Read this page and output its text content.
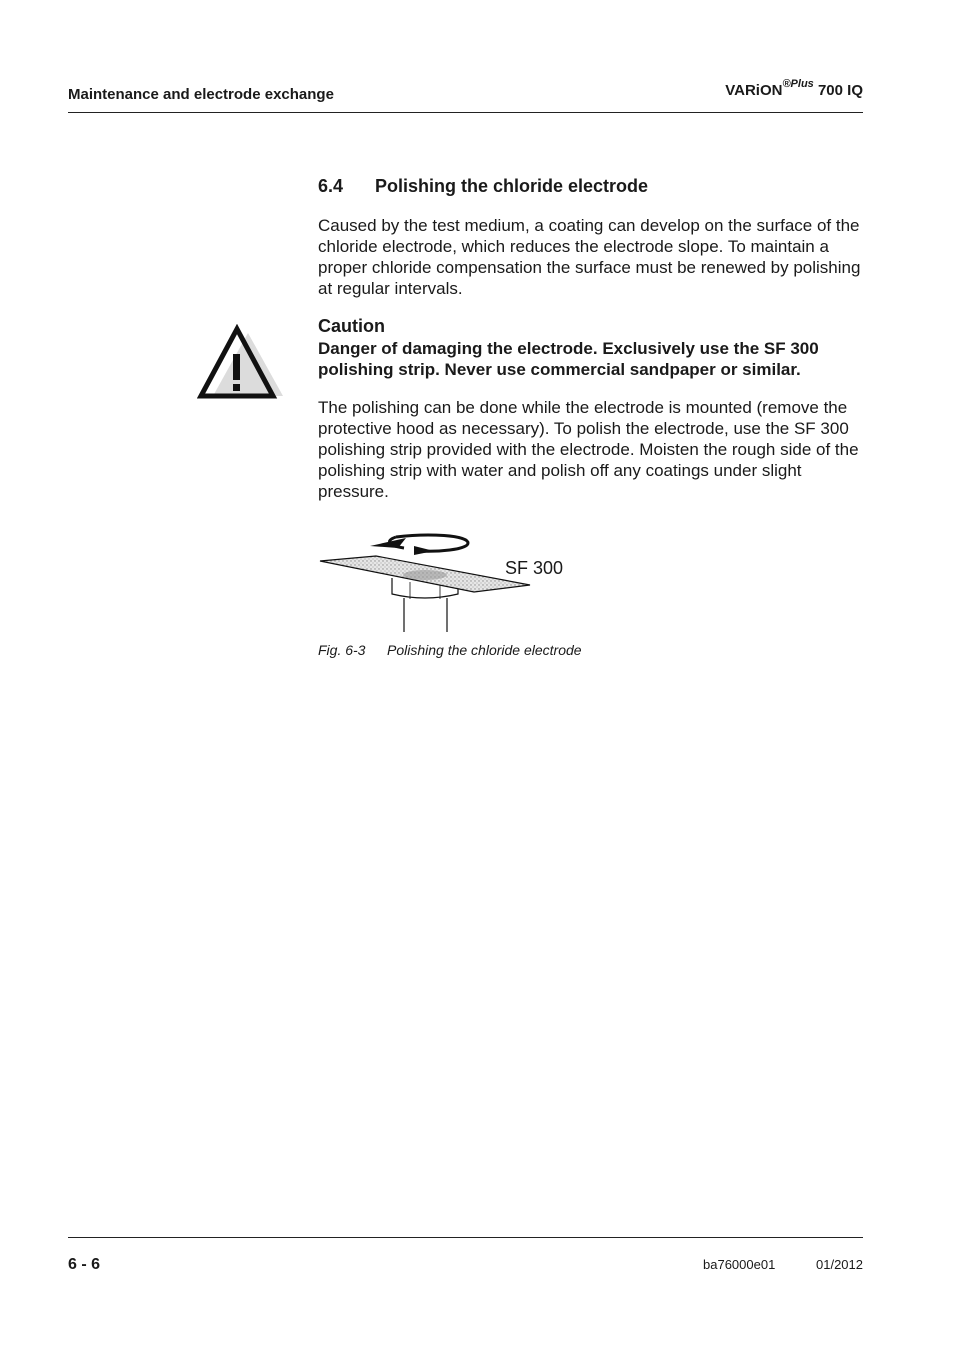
Maintenance and electrode exchange	VARiON$^{®Plus}$ 700 IQ
6.4 Polishing the chloride electrode
Caused by the test medium, a coating can develop on the surface of the chloride electrode, which reduces the electrode slope. To maintain a proper chloride compensation the surface must be renewed by polishing at regular intervals.
Caution
Danger of damaging the electrode. Exclusively use the SF 300 polishing strip. Never use commercial sandpaper or similar.
The polishing can be done while the electrode is mounted (remove the protective hood as necessary). To polish the electrode, use the SF 300 polishing strip provided with the electrode. Moisten the rough side of the polishing strip with water and polish off any coatings under slight pressure.
SF 300
Fig. 6-3 Polishing the chloride electrode
6 - 6	ba76000e01	01/2012
